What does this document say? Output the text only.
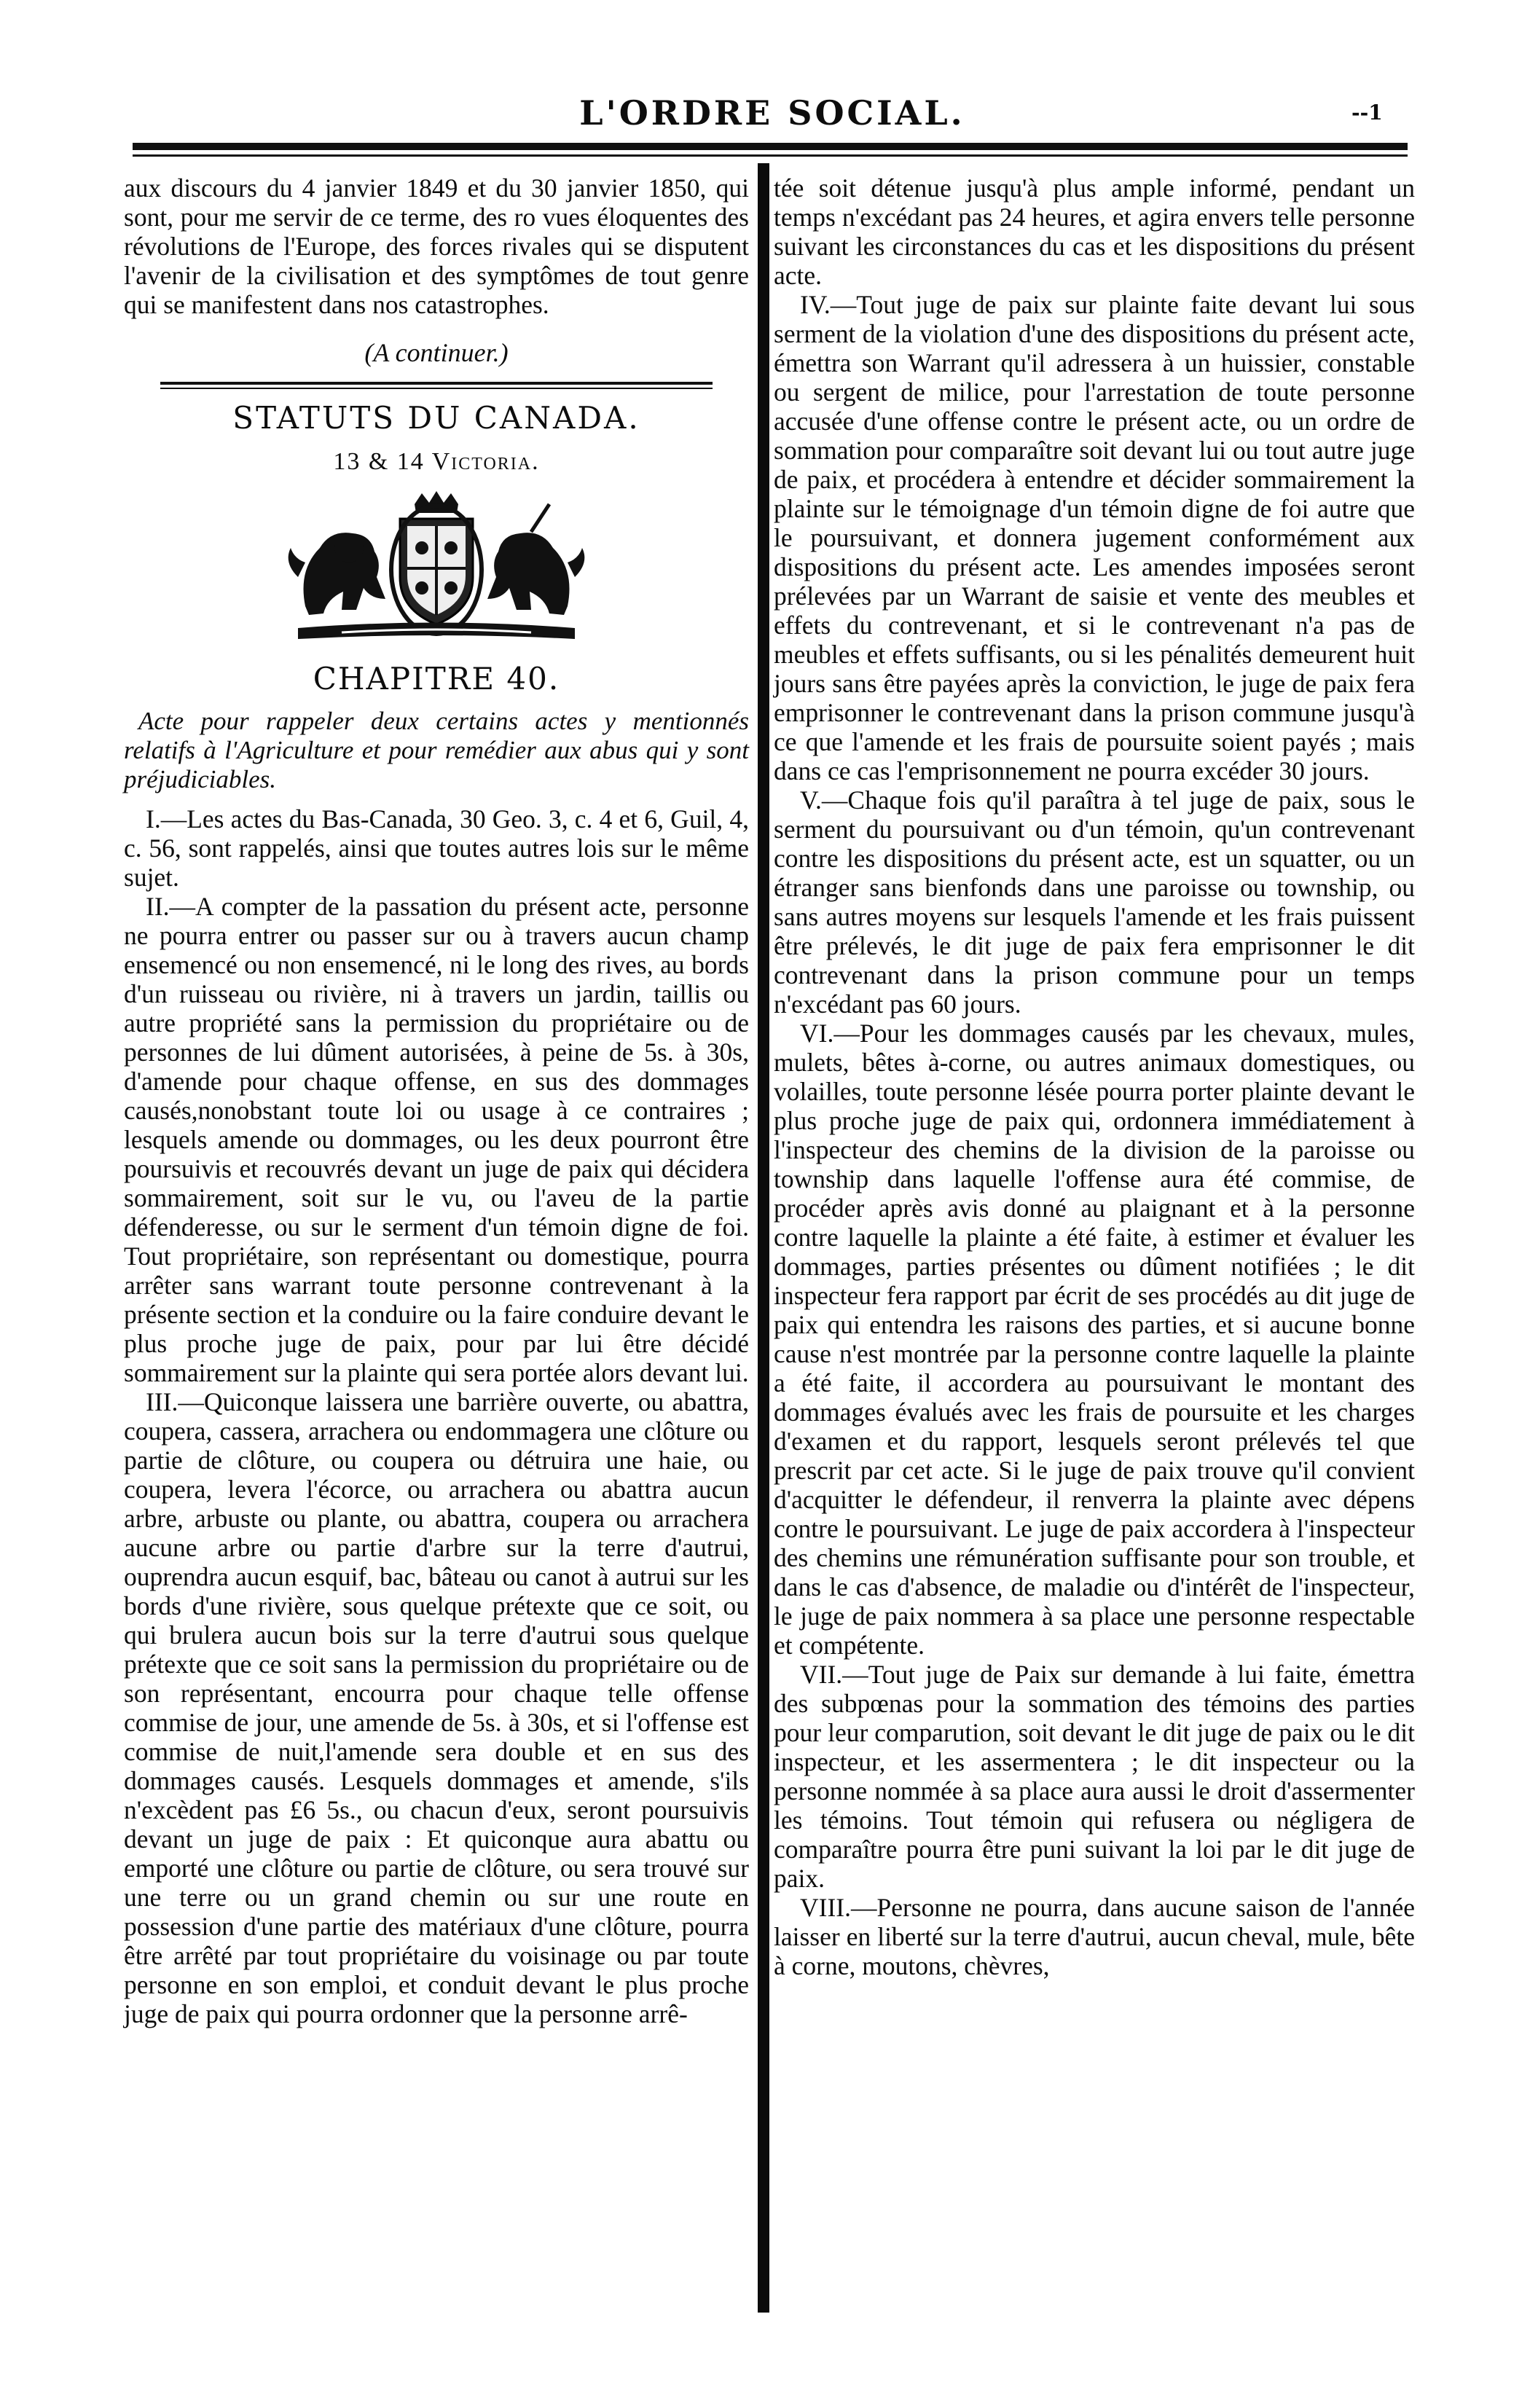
L'ORDRE SOCIAL.	--1

aux discours du 4 janvier 1849 et du 30 janvier 1850, qui sont, pour me servir de ce terme, des ro vues éloquentes des révolutions de l'Europe, des forces rivales qui se disputent l'avenir de la civilisation et des symptômes de tout genre qui se manifestent dans nos catastrophes.

(A continuer.)
STATUTS DU CANADA.
13 & 14 Victoria.
CHAPITRE 40.
Acte pour rappeler deux certains actes y mentionnés relatifs à l'Agriculture et pour remédier aux abus qui y sont préjudiciables.

I.—Les actes du Bas-Canada, 30 Geo. 3, c. 4 et 6, Guil, 4, c. 56, sont rappelés, ainsi que toutes autres lois sur le même sujet.

II.—A compter de la passation du présent acte, personne ne pourra entrer ou passer sur ou à travers aucun champ ensemencé ou non ensemencé, ni le long des rives, au bords d'un ruisseau ou rivière, ni à travers un jardin, taillis ou autre propriété sans la permission du propriétaire ou de personnes de lui dûment autorisées, à peine de 5s. à 30s, d'amende pour chaque offense, en sus des dommages causés,nonobstant toute loi ou usage à ce contraires ; lesquels amende ou dommages, ou les deux pourront être poursuivis et recouvrés devant un juge de paix qui décidera sommairement, soit sur le vu, ou l'aveu de la partie défenderesse, ou sur le serment d'un témoin digne de foi. Tout propriétaire, son représentant ou domestique, pourra arrêter sans warrant toute personne contrevenant à la présente section et la conduire ou la faire conduire devant le plus proche juge de paix, pour par lui être décidé sommairement sur la plainte qui sera portée alors devant lui.

III.—Quiconque laissera une barrière ouverte, ou abattra, coupera, cassera, arrachera ou endommagera une clôture ou partie de clôture, ou coupera ou détruira une haie, ou coupera, levera l'écorce, ou arrachera ou abattra aucun arbre, arbuste ou plante, ou abattra, coupera ou arrachera aucune arbre ou partie d'arbre sur la terre d'autrui, ouprendra aucun esquif, bac, bâteau ou canot à autrui sur les bords d'une rivière, sous quelque prétexte que ce soit, ou qui brulera aucun bois sur la terre d'autrui sous quelque prétexte que ce soit sans la permission du propriétaire ou de son représentant, encourra pour chaque telle offense commise de jour, une amende de 5s. à 30s, et si l'offense est commise de nuit,l'amende sera double et en sus des dommages causés. Lesquels dommages et amende, s'ils n'excèdent pas £6 5s., ou chacun d'eux, seront poursuivis devant un juge de paix : Et quiconque aura abattu ou emporté une clôture ou partie de clôture, ou sera trouvé sur une terre ou un grand chemin ou sur une route en possession d'une partie des matériaux d'une clôture, pourra être arrêté par tout propriétaire du voisinage ou par toute personne en son emploi, et conduit devant le plus proche juge de paix qui pourra ordonner que la personne arrê-

tée soit détenue jusqu'à plus ample informé, pendant un temps n'excédant pas 24 heures, et agira envers telle personne suivant les circonstances du cas et les dispositions du présent acte.

IV.—Tout juge de paix sur plainte faite devant lui sous serment de la violation d'une des dispositions du présent acte, émettra son Warrant qu'il adressera à un huissier, constable ou sergent de milice, pour l'arrestation de toute personne accusée d'une offense contre le présent acte, ou un ordre de sommation pour comparaître soit devant lui ou tout autre juge de paix, et procédera à entendre et décider sommairement la plainte sur le témoignage d'un témoin digne de foi autre que le poursuivant, et donnera jugement conformément aux dispositions du présent acte. Les amendes imposées seront prélevées par un Warrant de saisie et vente des meubles et effets du contrevenant, et si le contrevenant n'a pas de meubles et effets suffisants, ou si les pénalités demeurent huit jours sans être payées après la conviction, le juge de paix fera emprisonner le contrevenant dans la prison commune jusqu'à ce que l'amende et les frais de poursuite soient payés ; mais dans ce cas l'emprisonnement ne pourra excéder 30 jours.

V.—Chaque fois qu'il paraîtra à tel juge de paix, sous le serment du poursuivant ou d'un témoin, qu'un contrevenant contre les dispositions du présent acte, est un squatter, ou un étranger sans bienfonds dans une paroisse ou township, ou sans autres moyens sur lesquels l'amende et les frais puissent être prélevés, le dit juge de paix fera emprisonner le dit contrevenant dans la prison commune pour un temps n'excédant pas 60 jours.

VI.—Pour les dommages causés par les chevaux, mules, mulets, bêtes à-corne, ou autres animaux domestiques, ou volailles, toute personne lésée pourra porter plainte devant le plus proche juge de paix qui, ordonnera immédiatement à l'inspecteur des chemins de la division de la paroisse ou township dans laquelle l'offense aura été commise, de procéder après avis donné au plaignant et à la personne contre laquelle la plainte a été faite, à estimer et évaluer les dommages, parties présentes ou dûment notifiées ; le dit inspecteur fera rapport par écrit de ses procédés au dit juge de paix qui entendra les raisons des parties, et si aucune bonne cause n'est montrée par la personne contre laquelle la plainte a été faite, il accordera au poursuivant le montant des dommages évalués avec les frais de poursuite et les charges d'examen et du rapport, lesquels seront prélevés tel que prescrit par cet acte. Si le juge de paix trouve qu'il convient d'acquitter le défendeur, il renverra la plainte avec dépens contre le poursuivant. Le juge de paix accordera à l'inspecteur des chemins une rémunération suffisante pour son trouble, et dans le cas d'absence, de maladie ou d'intérêt de l'inspecteur, le juge de paix nommera à sa place une personne respectable et compétente.

VII.—Tout juge de Paix sur demande à lui faite, émettra des subpœnas pour la sommation des témoins des parties pour leur comparution, soit devant le dit juge de paix ou le dit inspecteur, et les assermentera ; le dit inspecteur ou la personne nommée à sa place aura aussi le droit d'assermenter les témoins. Tout témoin qui refusera ou négligera de comparaître pourra être puni suivant la loi par le dit juge de paix.

VIII.—Personne ne pourra, dans aucune saison de l'année laisser en liberté sur la terre d'autrui, aucun cheval, mule, bête à corne, moutons, chèvres,
